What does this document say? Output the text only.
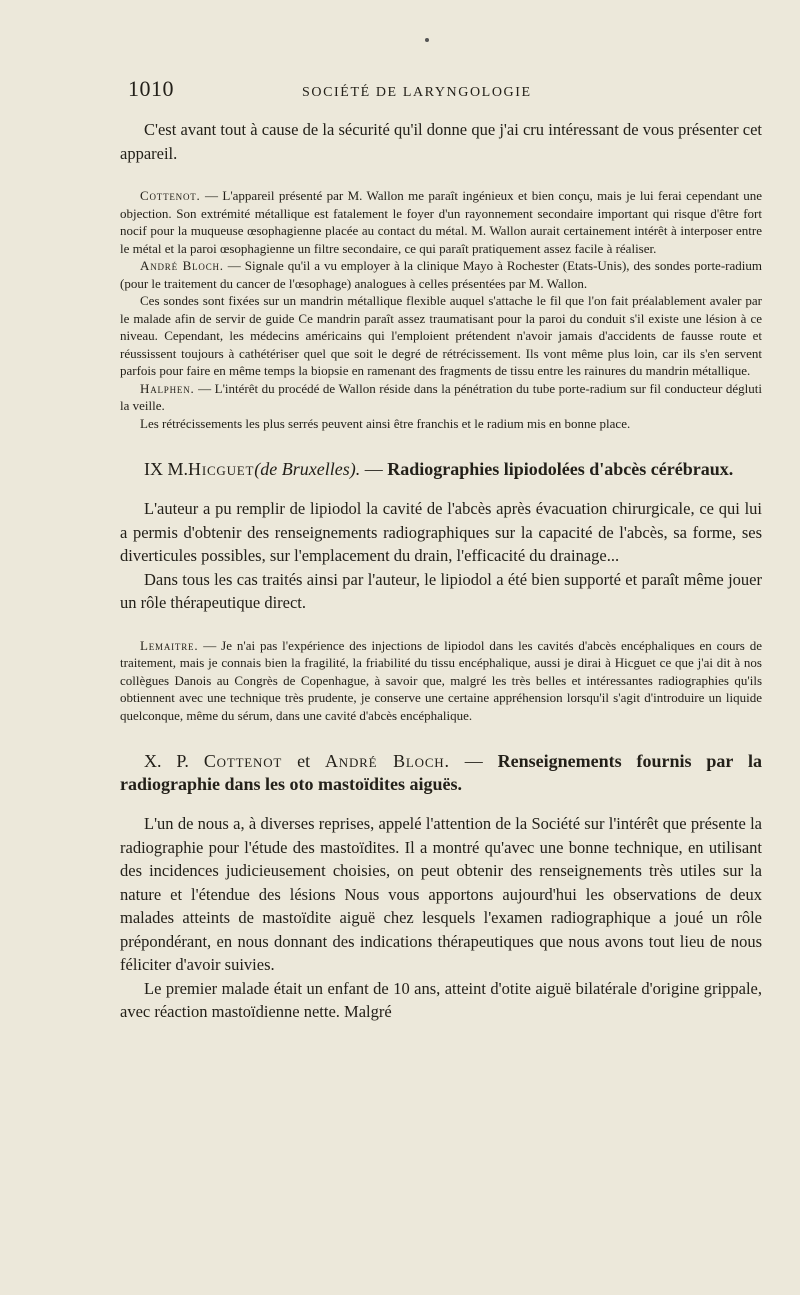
1010	SOCIÉTÉ DE LARYNGOLOGIE

C'est avant tout à cause de la sécurité qu'il donne que j'ai cru intéressant de vous présenter cet appareil.

Cottenot. — L'appareil présenté par M. Wallon me paraît ingénieux et bien conçu, mais je lui ferai cependant une objection. Son extrémité métallique est fatalement le foyer d'un rayonnement secondaire important qui risque d'être fort nocif pour la muqueuse œsophagienne placée au contact du métal. M. Wallon aurait certainement intérêt à interposer entre le métal et la paroi œsophagienne un filtre secondaire, ce qui paraît pratiquement assez facile à réaliser.

André Bloch. — Signale qu'il a vu employer à la clinique Mayo à Rochester (Etats-Unis), des sondes porte-radium (pour le traitement du cancer de l'œsophage) analogues à celles présentées par M. Wallon.

Ces sondes sont fixées sur un mandrin métallique flexible auquel s'attache le fil que l'on fait préalablement avaler par le malade afin de servir de guide Ce mandrin paraît assez traumatisant pour la paroi du conduit s'il existe une lésion à ce niveau. Cependant, les médecins américains qui l'emploient prétendent n'avoir jamais d'accidents de fausse route et réussissent toujours à cathétériser quel que soit le degré de rétrécissement. Ils vont même plus loin, car ils s'en servent parfois pour faire en même temps la biopsie en ramenant des fragments de tissu entre les rainures du mandrin métallique.

Halphen. — L'intérêt du procédé de Wallon réside dans la pénétration du tube porte-radium sur fil conducteur dégluti la veille.

Les rétrécissements les plus serrés peuvent ainsi être franchis et le radium mis en bonne place.

IX M.Hicguet(de Bruxelles). — Radiographies lipiodolées d'abcès cérébraux.

L'auteur a pu remplir de lipiodol la cavité de l'abcès après évacuation chirurgicale, ce qui lui a permis d'obtenir des renseignements radiographiques sur la capacité de l'abcès, sa forme, ses diverticules possibles, sur l'emplacement du drain, l'efficacité du drainage...

Dans tous les cas traités ainsi par l'auteur, le lipiodol a été bien supporté et paraît même jouer un rôle thérapeutique direct.

Lemaitre. — Je n'ai pas l'expérience des injections de lipiodol dans les cavités d'abcès encéphaliques en cours de traitement, mais je connais bien la fragilité, la friabilité du tissu encéphalique, aussi je dirai à Hicguet ce que j'ai dit à nos collègues Danois au Congrès de Copenhague, à savoir que, malgré les très belles et intéressantes radiographies qu'ils obtiennent avec une technique très prudente, je conserve une certaine appréhension lorsqu'il s'agit d'introduire un liquide quelconque, même du sérum, dans une cavité d'abcès encéphalique.

X. P. Cottenot et André Bloch. — Renseignements fournis par la radiographie dans les oto mastoïdites aiguës.

L'un de nous a, à diverses reprises, appelé l'attention de la Société sur l'intérêt que présente la radiographie pour l'étude des mastoïdites. Il a montré qu'avec une bonne technique, en utilisant des incidences judicieusement choisies, on peut obtenir des renseignements très utiles sur la nature et l'étendue des lésions Nous vous apportons aujourd'hui les observations de deux malades atteints de mastoïdite aiguë chez lesquels l'examen radiographique a joué un rôle prépondérant, en nous donnant des indications thérapeutiques que nous avons tout lieu de nous féliciter d'avoir suivies.

Le premier malade était un enfant de 10 ans, atteint d'otite aiguë bilatérale d'origine grippale, avec réaction mastoïdienne nette. Malgré
